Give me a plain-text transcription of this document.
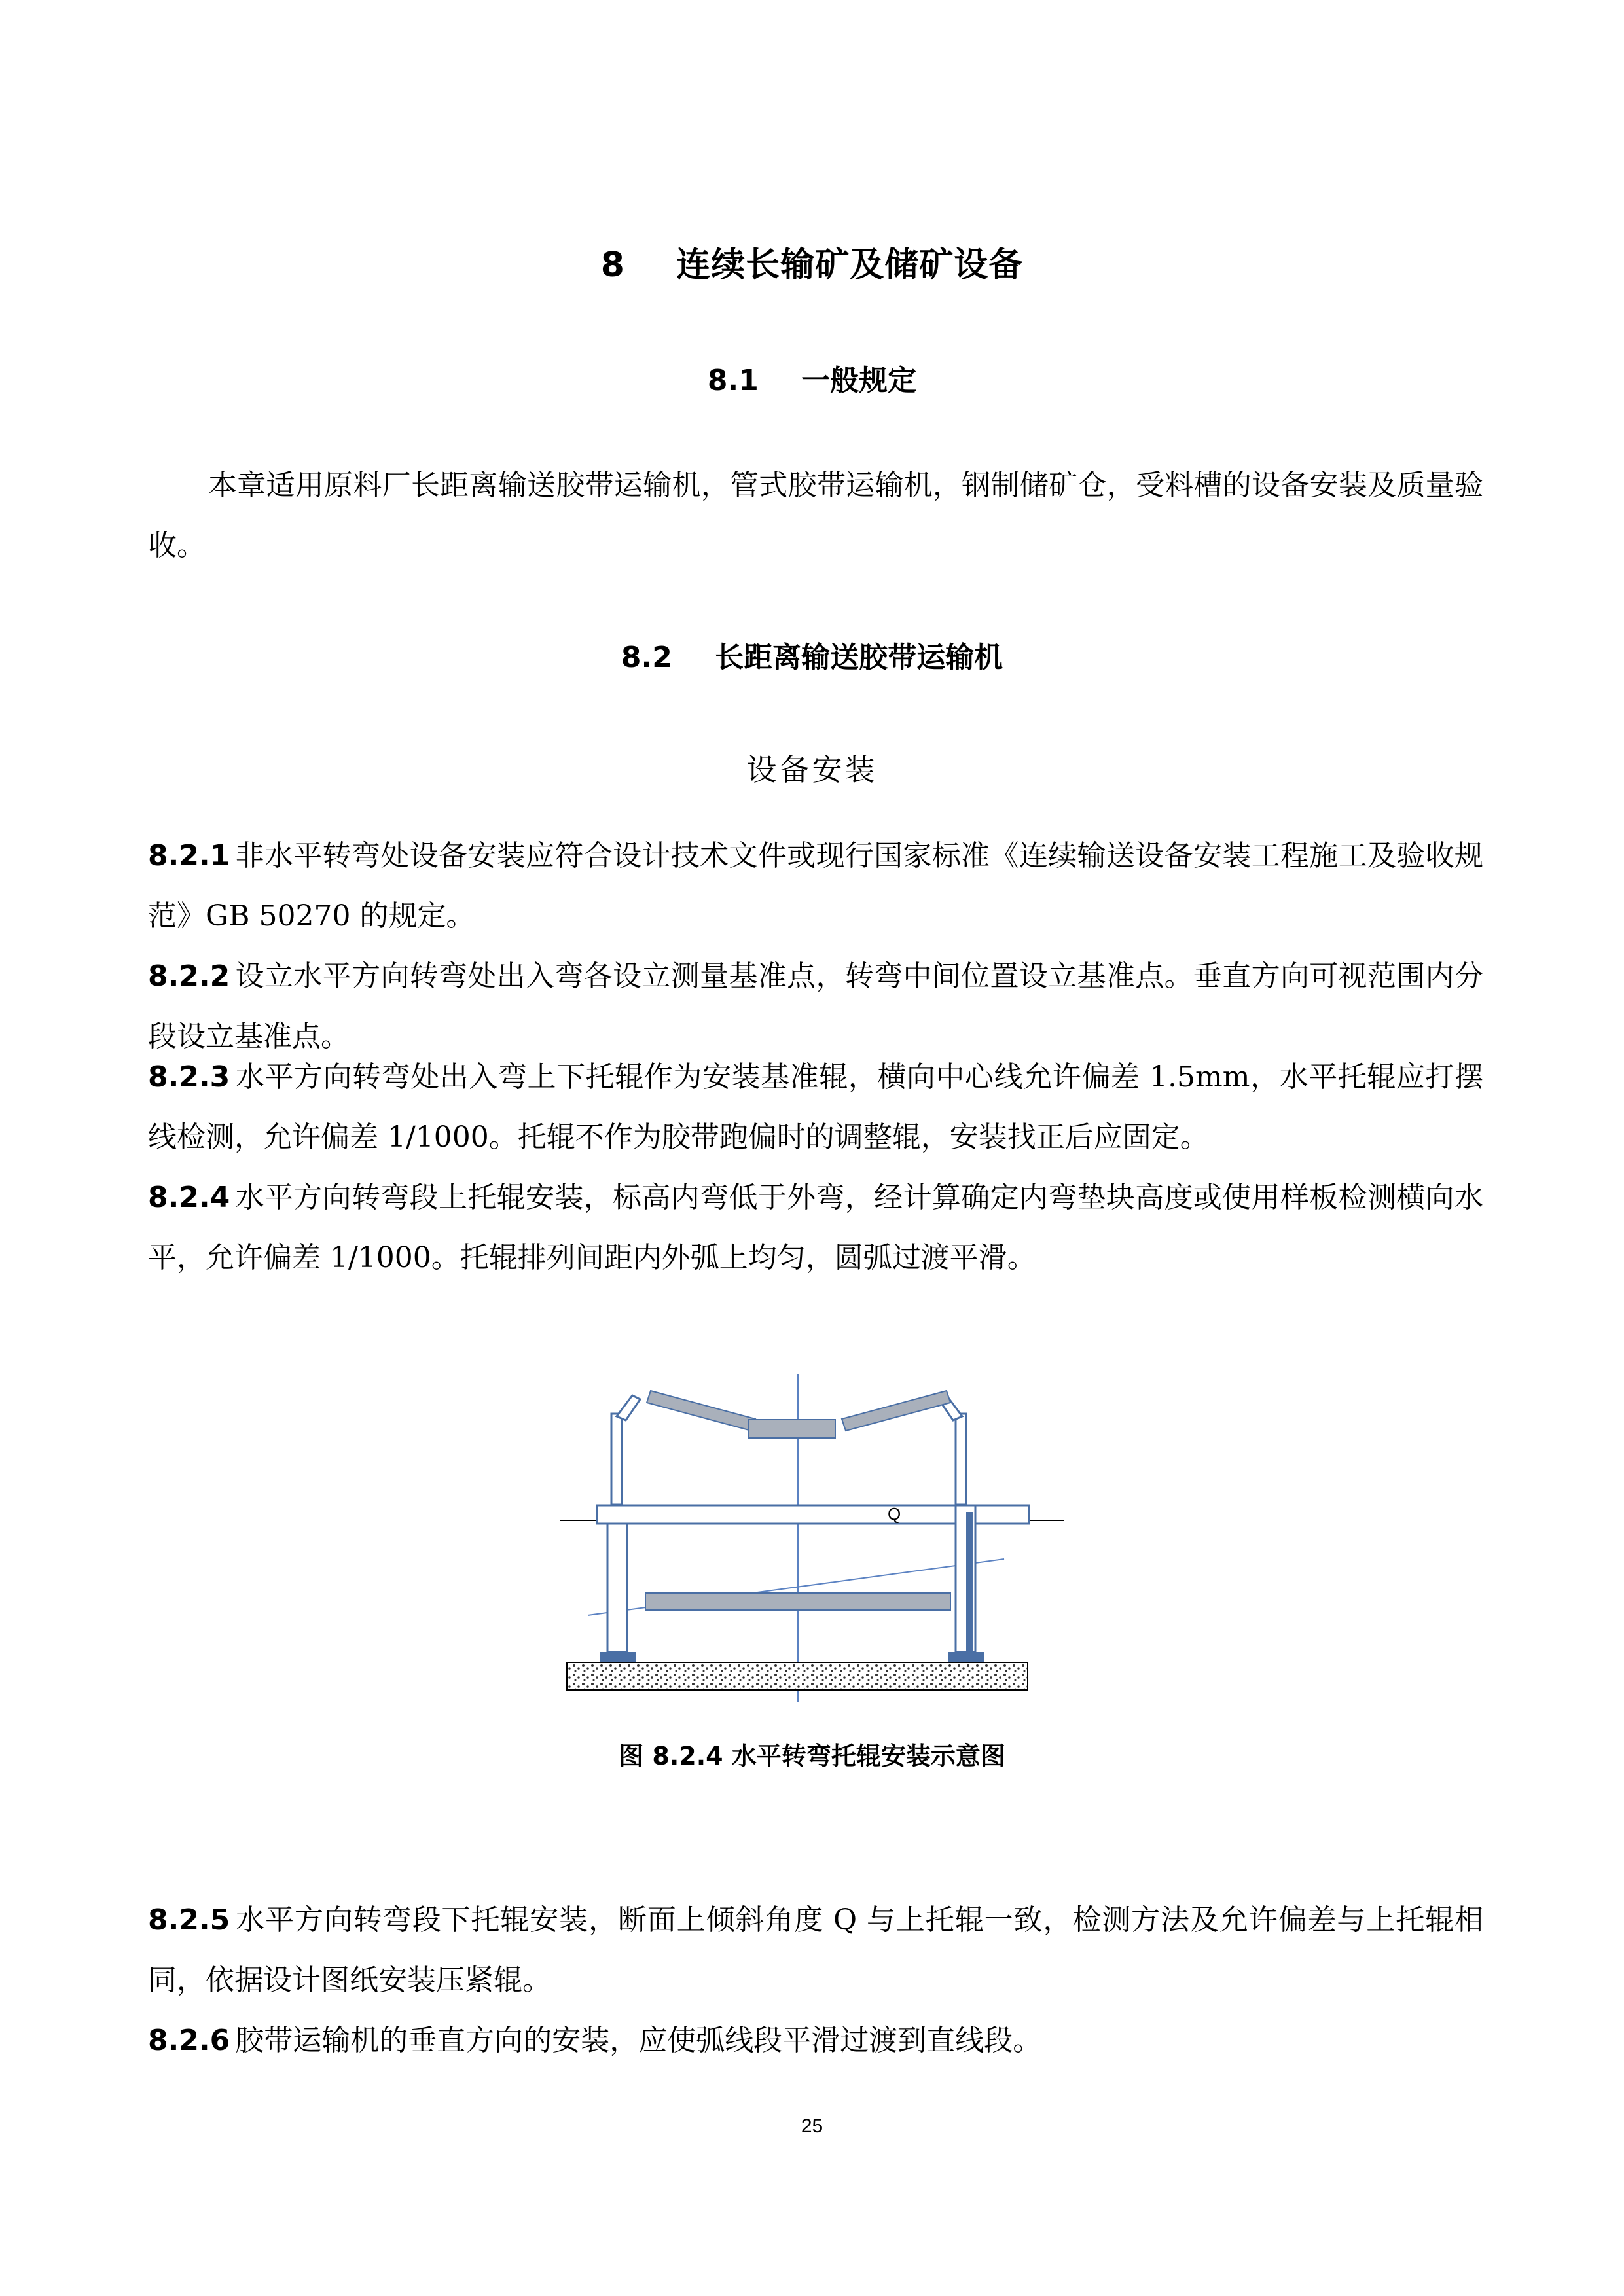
8 连续长输矿及储矿设备
8.1 一般规定
本章适用原料厂长距离输送胶带运输机，管式胶带运输机，钢制储矿仓，受料槽的设备安装及质量验收。
8.2 长距离输送胶带运输机
设备安装
8.2.1 非水平转弯处设备安装应符合设计技术文件或现行国家标准《连续输送设备安装工程施工及验收规范》GB 50270 的规定。
8.2.2 设立水平方向转弯处出入弯各设立测量基准点，转弯中间位置设立基准点。垂直方向可视范围内分段设立基准点。
8.2.3 水平方向转弯处出入弯上下托辊作为安装基准辊，横向中心线允许偏差 1.5mm，水平托辊应打摆线检测，允许偏差 1/1000。托辊不作为胶带跑偏时的调整辊，安装找正后应固定。
8.2.4 水平方向转弯段上托辊安装，标高内弯低于外弯，经计算确定内弯垫块高度或使用样板检测横向水平，允许偏差 1/1000。托辊排列间距内外弧上均匀，圆弧过渡平滑。
Q
图 8.2.4 水平转弯托辊安装示意图
8.2.5 水平方向转弯段下托辊安装，断面上倾斜角度 Q 与上托辊一致，检测方法及允许偏差与上托辊相同，依据设计图纸安装压紧辊。
8.2.6 胶带运输机的垂直方向的安装，应使弧线段平滑过渡到直线段。
25
